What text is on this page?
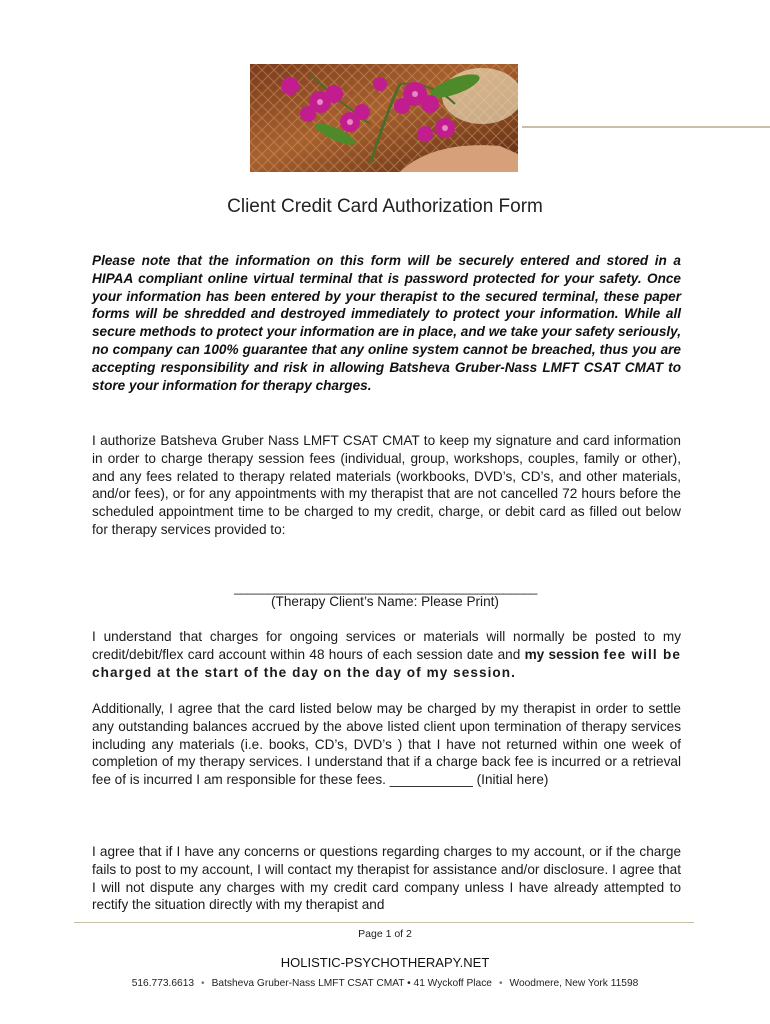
Client Credit Card Authorization Form
Please note that the information on this form will be securely entered and stored in a HIPAA compliant online virtual terminal that is password protected for your safety. Once your information has been entered by your therapist to the secured terminal, these paper forms will be shredded and destroyed immediately to protect your information. While all secure methods to protect your information are in place, and we take your safety seriously, no company can 100% guarantee that any online system cannot be breached, thus you are accepting responsibility and risk in allowing Batsheva Gruber-Nass LMFT CSAT CMAT to store your information for therapy charges.
I authorize Batsheva Gruber Nass LMFT CSAT CMAT to keep my signature and card information in order to charge therapy session fees (individual, group, workshops, couples, family or other), and any fees related to therapy related materials (workbooks, DVD’s, CD’s, and other materials, and/or fees), or for any appointments with my therapist that are not cancelled 72 hours before the scheduled appointment time to be charged to my credit, charge, or debit card as filled out below for therapy services provided to:
_____________________________________________
(Therapy Client’s Name: Please Print)
I understand that charges for ongoing services or materials will normally be posted to my credit/debit/flex card account within 48 hours of each session date and my session fee will be charged at the start of the day on the day of my session.
Additionally, I agree that the card listed below may be charged by my therapist in order to settle any outstanding balances accrued by the above listed client upon termination of therapy services including any materials (i.e. books, CD’s, DVD’s ) that I have not returned within one week of completion of my therapy services. I understand that if a charge back fee is incurred or a retrieval fee of is incurred I am responsible for these fees. ___________ (Initial here)
I agree that if I have any concerns or questions regarding charges to my account, or if the charge fails to post to my account, I will contact my therapist for assistance and/or disclosure. I agree that I will not dispute any charges with my credit card company unless I have already attempted to rectify the situation directly with my therapist and
Page 1 of 2
HOLISTIC-PSYCHOTHERAPY.NET
516.773.6613 • Batsheva Gruber-Nass LMFT CSAT CMAT • 41 Wyckoff Place • Woodmere, New York 11598
